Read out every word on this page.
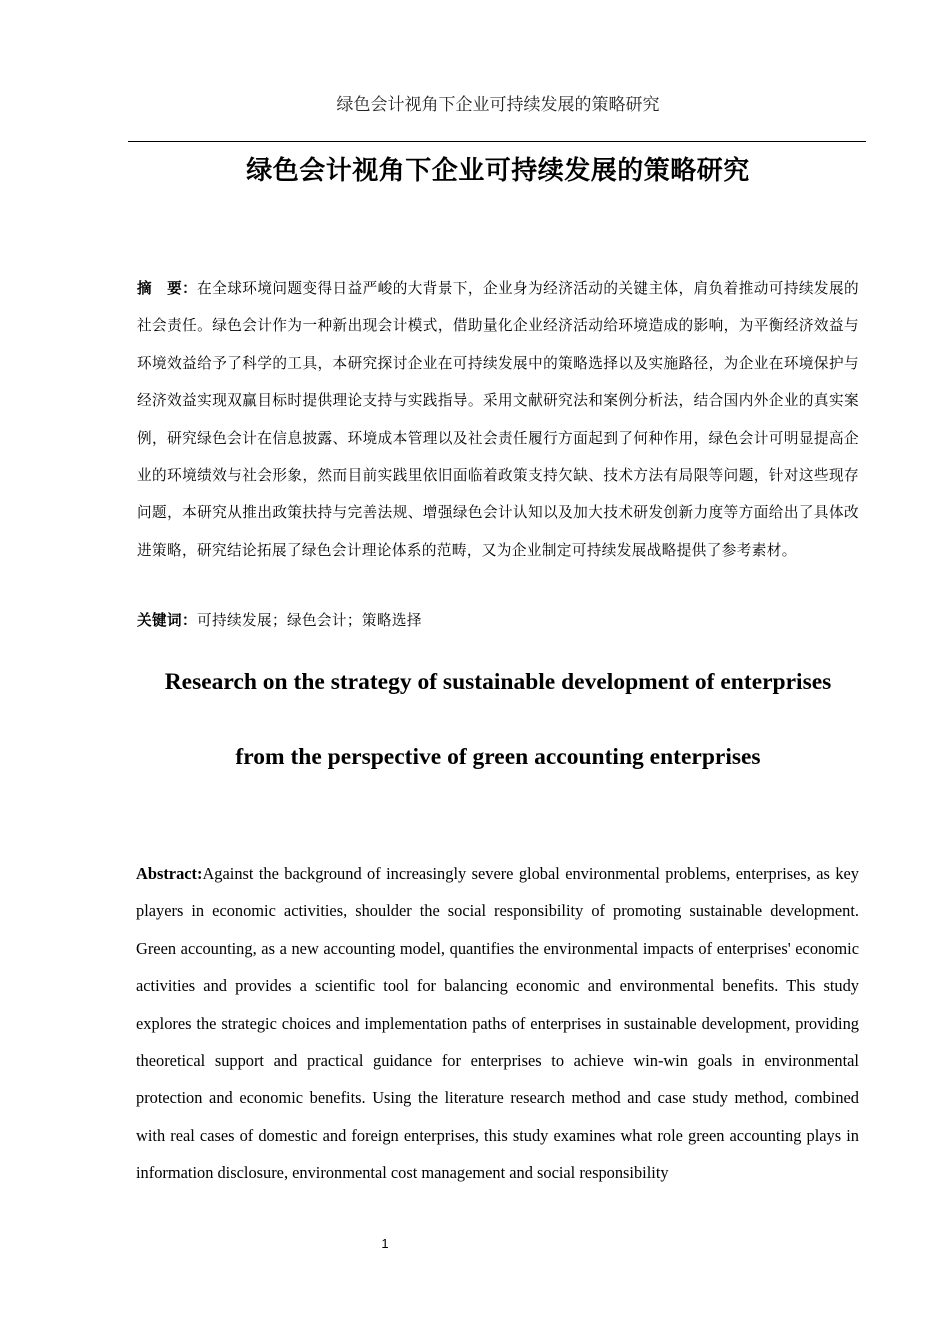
绿色会计视角下企业可持续发展的策略研究
绿色会计视角下企业可持续发展的策略研究
摘　要：在全球环境问题变得日益严峻的大背景下，企业身为经济活动的关键主体，肩负着推动可持续发展的社会责任。绿色会计作为一种新出现会计模式，借助量化企业经济活动给环境造成的影响，为平衡经济效益与环境效益给予了科学的工具，本研究探讨企业在可持续发展中的策略选择以及实施路径，为企业在环境保护与经济效益实现双赢目标时提供理论支持与实践指导。采用文献研究法和案例分析法，结合国内外企业的真实案例，研究绿色会计在信息披露、环境成本管理以及社会责任履行方面起到了何种作用，绿色会计可明显提高企业的环境绩效与社会形象，然而目前实践里依旧面临着政策支持欠缺、技术方法有局限等问题，针对这些现存问题，本研究从推出政策扶持与完善法规、增强绿色会计认知以及加大技术研发创新力度等方面给出了具体改进策略，研究结论拓展了绿色会计理论体系的范畴，又为企业制定可持续发展战略提供了参考素材。
关键词：可持续发展；绿色会计；策略选择
Research on the strategy of sustainable development of enterprises
from the perspective of green accounting enterprises
Abstract:Against the background of increasingly severe global environmental problems, enterprises, as key players in economic activities, shoulder the social responsibility of promoting sustainable development. Green accounting, as a new accounting model, quantifies the environmental impacts of enterprises' economic activities and provides a scientific tool for balancing economic and environmental benefits. This study explores the strategic choices and implementation paths of enterprises in sustainable development, providing theoretical support and practical guidance for enterprises to achieve win-win goals in environmental protection and economic benefits. Using the literature research method and case study method, combined with real cases of domestic and foreign enterprises, this study examines what role green accounting plays in information disclosure, environmental cost management and social responsibility
1
